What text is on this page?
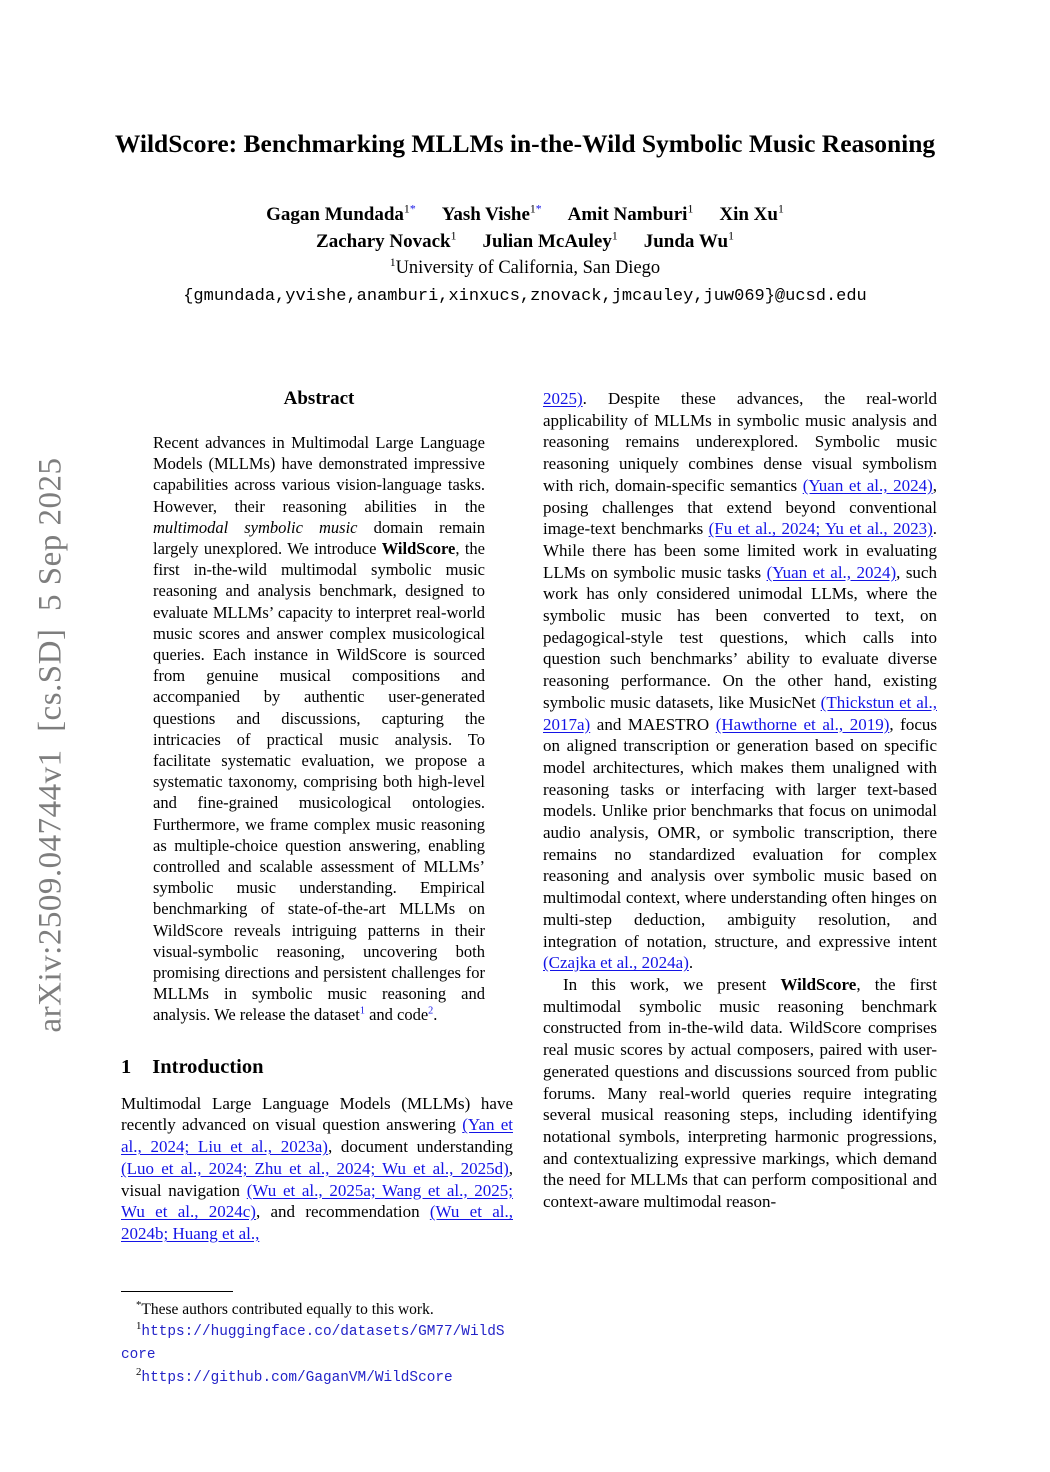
arXiv:2509.04744v1  [cs.SD]  5 Sep 2025
WildScore: Benchmarking MLLMs in-the-Wild Symbolic Music Reasoning
Gagan Mundada$^{1*}$ Yash Vishe$^{1*}$ Amit Namburi$^1$ Xin Xu$^1$
Zachary Novack$^1$ Julian McAuley$^1$ Junda Wu$^1$
$^1$University of California, San Diego
{gmundada,yvishe,anamburi,xinxucs,znovack,jmcauley,juw069}@ucsd.edu
Abstract

Recent advances in Multimodal Large Language Models (MLLMs) have demonstrated impressive capabilities across various vision-language tasks. However, their reasoning abilities in the multimodal symbolic music domain remain largely unexplored. We introduce WildScore, the first in-the-wild multimodal symbolic music reasoning and analysis benchmark, designed to evaluate MLLMs’ capacity to interpret real-world music scores and answer complex musicological queries. Each instance in WildScore is sourced from genuine musical compositions and accompanied by authentic user-generated questions and discussions, capturing the intricacies of practical music analysis. To facilitate systematic evaluation, we propose a systematic taxonomy, comprising both high-level and fine-grained musicological ontologies. Furthermore, we frame complex music reasoning as multiple-choice question answering, enabling controlled and scalable assessment of MLLMs’ symbolic music understanding. Empirical benchmarking of state-of-the-art MLLMs on WildScore reveals intriguing patterns in their visual-symbolic reasoning, uncovering both promising directions and persistent challenges for MLLMs in symbolic music reasoning and analysis. We release the dataset$^1$ and code$^2$.

1 Introduction

Multimodal Large Language Models (MLLMs) have recently advanced on visual question answering (Yan et al., 2024; Liu et al., 2023a), document understanding (Luo et al., 2024; Zhu et al., 2024; Wu et al., 2025d), visual navigation (Wu et al., 2025a; Wang et al., 2025; Wu et al., 2024c), and recommendation (Wu et al., 2024b; Huang et al.,

2025). Despite these advances, the real-world applicability of MLLMs in symbolic music analysis and reasoning remains underexplored. Symbolic music reasoning uniquely combines dense visual symbolism with rich, domain-specific semantics (Yuan et al., 2024), posing challenges that extend beyond conventional image-text benchmarks (Fu et al., 2024; Yu et al., 2023). While there has been some limited work in evaluating LLMs on symbolic music tasks (Yuan et al., 2024), such work has only considered unimodal LLMs, where the symbolic music has been converted to text, on pedagogical-style test questions, which calls into question such benchmarks’ ability to evaluate diverse reasoning performance. On the other hand, existing symbolic music datasets, like MusicNet (Thickstun et al., 2017a) and MAESTRO (Hawthorne et al., 2019), focus on aligned transcription or generation based on specific model architectures, which makes them unaligned with reasoning tasks or interfacing with larger text-based models. Unlike prior benchmarks that focus on unimodal audio analysis, OMR, or symbolic transcription, there remains no standardized evaluation for complex reasoning and analysis over symbolic music based on multimodal context, where understanding often hinges on multi-step deduction, ambiguity resolution, and integration of notation, structure, and expressive intent (Czajka et al., 2024a).

In this work, we present WildScore, the first multimodal symbolic music reasoning benchmark constructed from in-the-wild data. WildScore comprises real music scores by actual composers, paired with user-generated questions and discussions sourced from public forums. Many real-world queries require integrating several musical reasoning steps, including identifying notational symbols, interpreting harmonic progressions, and contextualizing expressive markings, which demand the need for MLLMs that can perform compositional and context-aware multimodal reason-

*These authors contributed equally to this work.

$^1$https://huggingface.co/datasets/GM77/WildScore

$^2$https://github.com/GaganVM/WildScore
